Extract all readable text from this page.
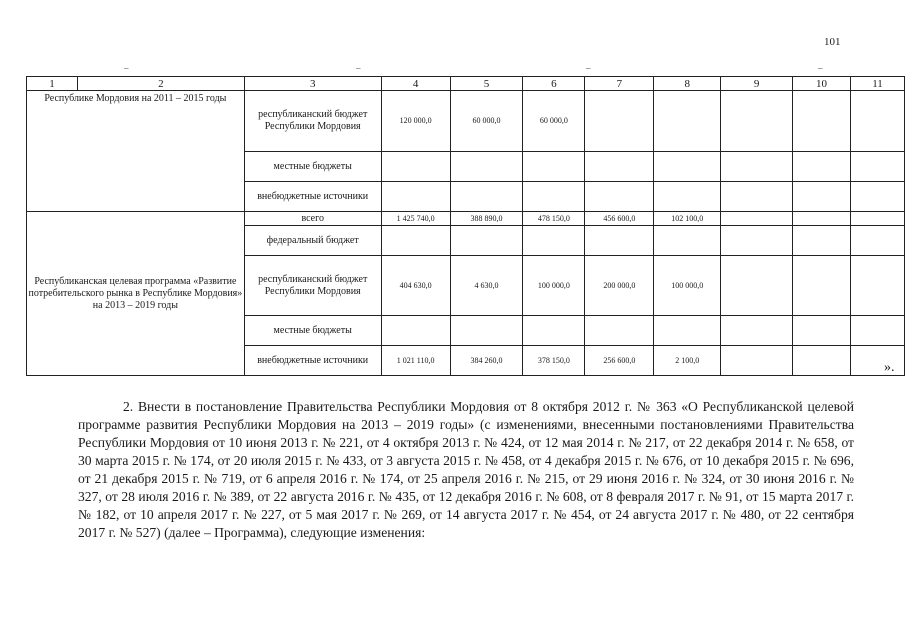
101
–	–	–	–
1	2	3	4	5	6	7	8	9	10	11
Республике Мордовия на 2011 – 2015 годы		республиканский бюджет Республики Мордовия	120 000,0	60 000,0	60 000,0					
		местные бюджеты								
		внебюджетные источники								
Республиканская целевая программа «Развитие потребительского рынка в Республике Мордовия» на 2013 – 2019 годы		всего	1 425 740,0	388 890,0	478 150,0	456 600,0	102 100,0			
		федеральный бюджет								
		республиканский бюджет Республики Мордовия	404 630,0	4 630,0	100 000,0	200 000,0	100 000,0			
		местные бюджеты								
		внебюджетные источники	1 021 110,0	384 260,0	378 150,0	256 600,0	2 100,0				».
2. Внести в постановление Правительства Республики Мордовия от 8 октября 2012 г. № 363 «О Республиканской целевой программе развития Республики Мордовия на 2013 – 2019 годы» (с изменениями, внесенными постановлениями Правительства Республики Мордовия от 10 июня 2013 г. № 221, от 4 октября 2013 г. № 424, от 12 мая 2014 г. № 217, от 22 декабря 2014 г. № 658, от 30 марта 2015 г. № 174, от 20 июля 2015 г. № 433, от 3 августа 2015 г. № 458, от 4 декабря 2015 г. № 676, от 10 декабря 2015 г. № 696, от 21 декабря 2015 г. № 719, от 6 апреля 2016 г. № 174, от 25 апреля 2016 г. № 215, от 29 июня 2016 г. № 324, от 30 июня 2016 г. № 327, от 28 июля 2016 г. № 389, от 22 августа 2016 г. № 435, от 12 декабря 2016 г. № 608, от 8 февраля 2017 г. № 91, от 15 марта 2017 г. № 182, от 10 апреля 2017 г. № 227, от 5 мая 2017 г. № 269, от 14 августа 2017 г. № 454, от 24 августа 2017 г. № 480, от 22 сентября 2017 г. № 527) (далее – Программа), следующие изменения:
